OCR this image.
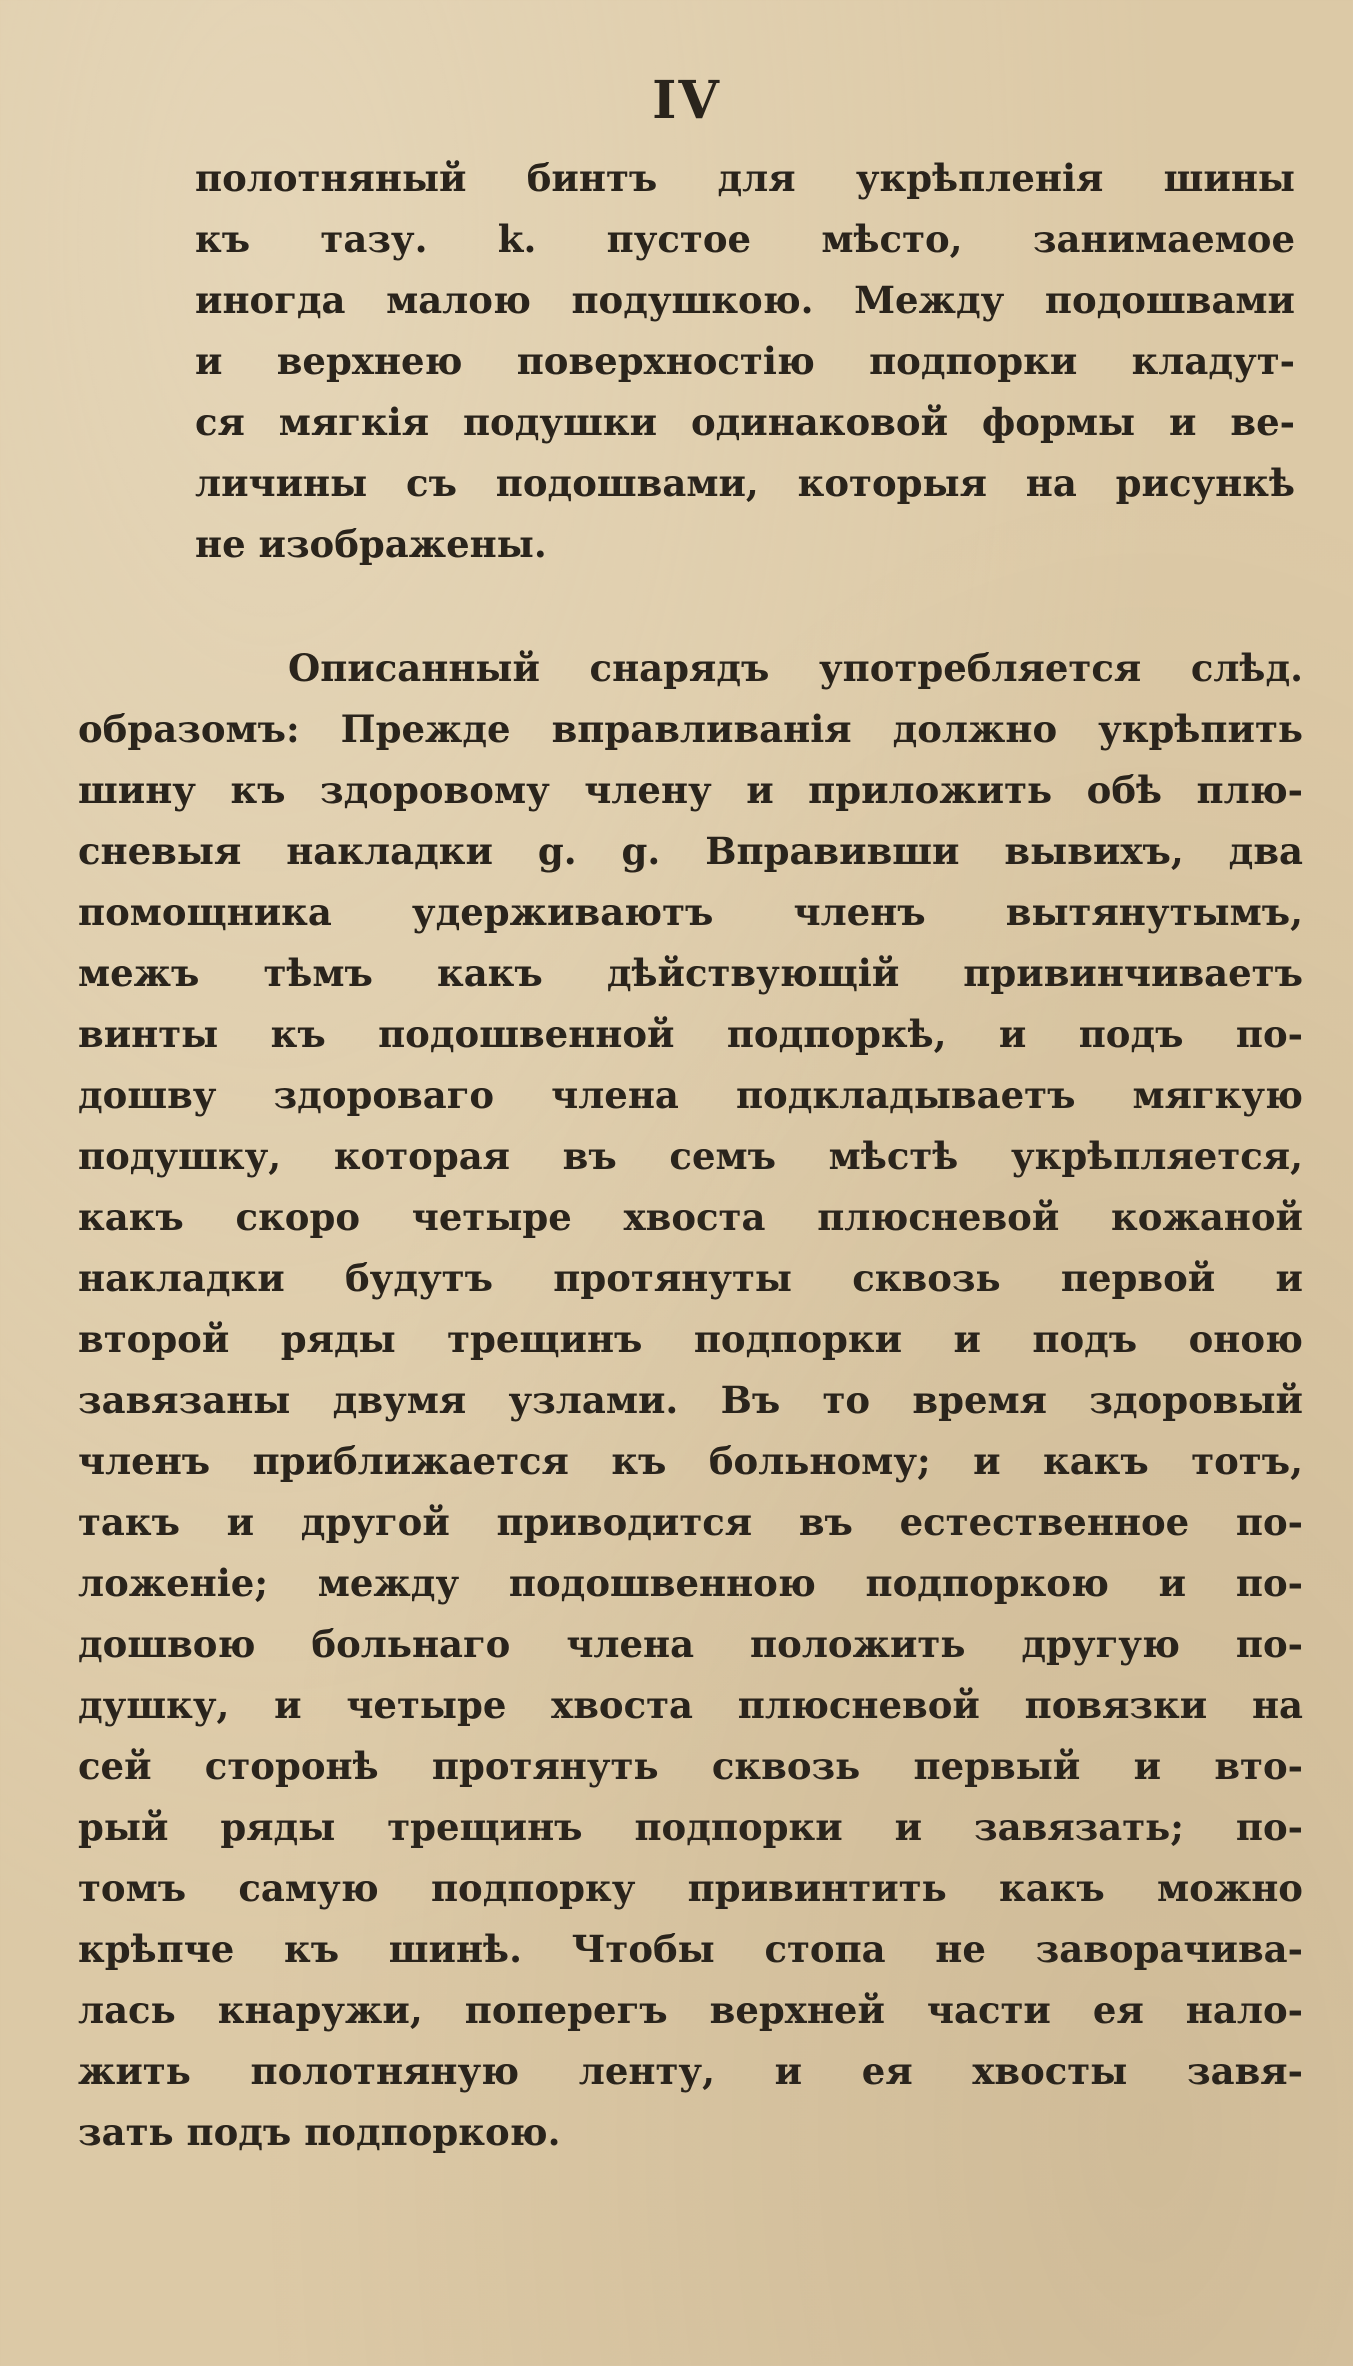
IV
полотняный бинтъ для укрѣпленія шины
къ тазу. k. пустое мѣсто, занимаемое
иногда малою подушкою. Между подошвами
и верхнею поверхностію подпорки кладут-
ся мягкія подушки одинаковой формы и ве-
личины съ подошвами, которыя на рисункѣ
не изображены.
Описанный снарядъ употребляется слѣд.
образомъ: Прежде вправливанія должно укрѣпить
шину къ здоровому члену и приложить обѣ плю-
сневыя накладки g. g. Вправивши вывихъ, два
помощника удерживаютъ членъ вытянутымъ,
межъ тѣмъ какъ дѣйствующій привинчиваетъ
винты къ подошвенной подпоркѣ, и подъ по-
дошву здороваго члена подкладываетъ мягкую
подушку, которая въ семъ мѣстѣ укрѣпляется,
какъ скоро четыре хвоста плюсневой кожаной
накладки будутъ протянуты сквозь первой и
второй ряды трещинъ подпорки и подъ оною
завязаны двумя узлами. Въ то время здоровый
членъ приближается къ больному; и какъ тотъ,
такъ и другой приводится въ естественное по-
ложеніе; между подошвенною подпоркою и по-
дошвою больнаго члена положить другую по-
душку, и четыре хвоста плюсневой повязки на
сей сторонѣ протянуть сквозь первый и вто-
рый ряды трещинъ подпорки и завязать; по-
томъ самую подпорку привинтить какъ можно
крѣпче къ шинѣ. Чтобы стопа не заворачива-
лась кнаружи, поперегъ верхней части ея нало-
жить полотняную ленту, и ея хвосты завя-
зать подъ подпоркою.
